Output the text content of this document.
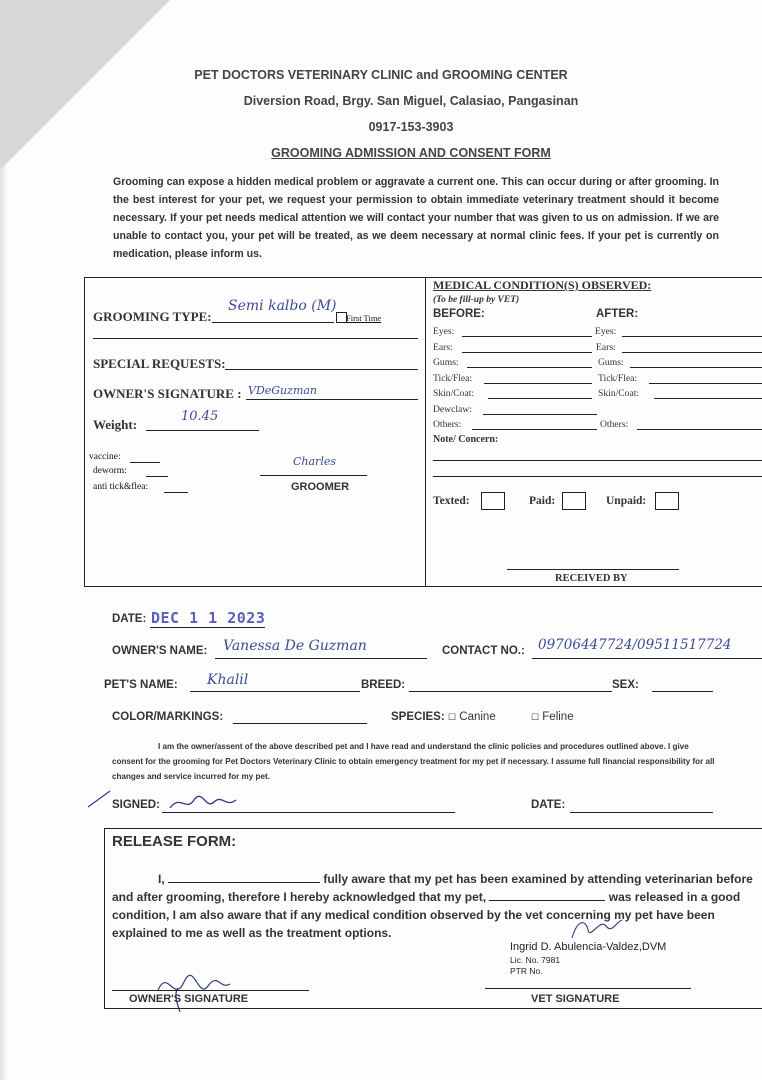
PET DOCTORS VETERINARY CLINIC and GROOMING CENTER
Diversion Road, Brgy. San Miguel, Calasiao, Pangasinan
0917-153-3903
GROOMING ADMISSION AND CONSENT FORM
Grooming can expose a hidden medical problem or aggravate a current one. This can occur during or after grooming. In the best interest for your pet, we request your permission to obtain immediate veterinary treatment should it become necessary. If your pet needs medical attention we will contact your number that was given to us on admission. If we are unable to contact you, your pet will be treated, as we deem necessary at normal clinic fees. If your pet is currently on medication, please inform us.
GROOMING TYPE:
Semi kalbo (M)
First Time
SPECIAL REQUESTS:
OWNER'S SIGNATURE : VDeGuzman
Weight:
10.45
vaccine:
deworm:
anti tick&flea:
Charles
GROOMER
MEDICAL CONDITION(S) OBSERVED:
(To be fill-up by VET)
BEFORE:	AFTER:
Eyes:	Eyes:
Ears:	Ears:
Gums:	Gums:
Tick/Flea:	Tick/Flea:
Skin/Coat:	Skin/Coat:
Dewclaw:
Others:	Others:
Note/ Concern:
Texted:	Paid:	Unpaid:
RECEIVED BY
DATE: DEC 1 1 2023
OWNER'S NAME: Vanessa De Guzman	CONTACT NO.: 09706447724/09511517724
PET'S NAME: Khalil	BREED:	SEX:
COLOR/MARKINGS:	SPECIES: ☐ Canine	☐ Feline
I am the owner/assent of the above described pet and I have read and understand the clinic policies and procedures outlined above. I give consent for the grooming for Pet Doctors Veterinary Clinic to obtain emergency treatment for my pet if necessary. I assume full financial responsibility for all changes and service incurred for my pet.
SIGNED:	DATE:
RELEASE FORM:
I,	fully aware that my pet has been examined by attending veterinarian before and after grooming, therefore I hereby acknowledged that my pet,	was released in a good condition, I am also aware that if any medical condition observed by the vet concerning my pet have been explained to me as well as the treatment options.
Ingrid D. Abulencia-Valdez,DVM
Lic. No. 7981
PTR No.
OWNER'S SIGNATURE	VET SIGNATURE
